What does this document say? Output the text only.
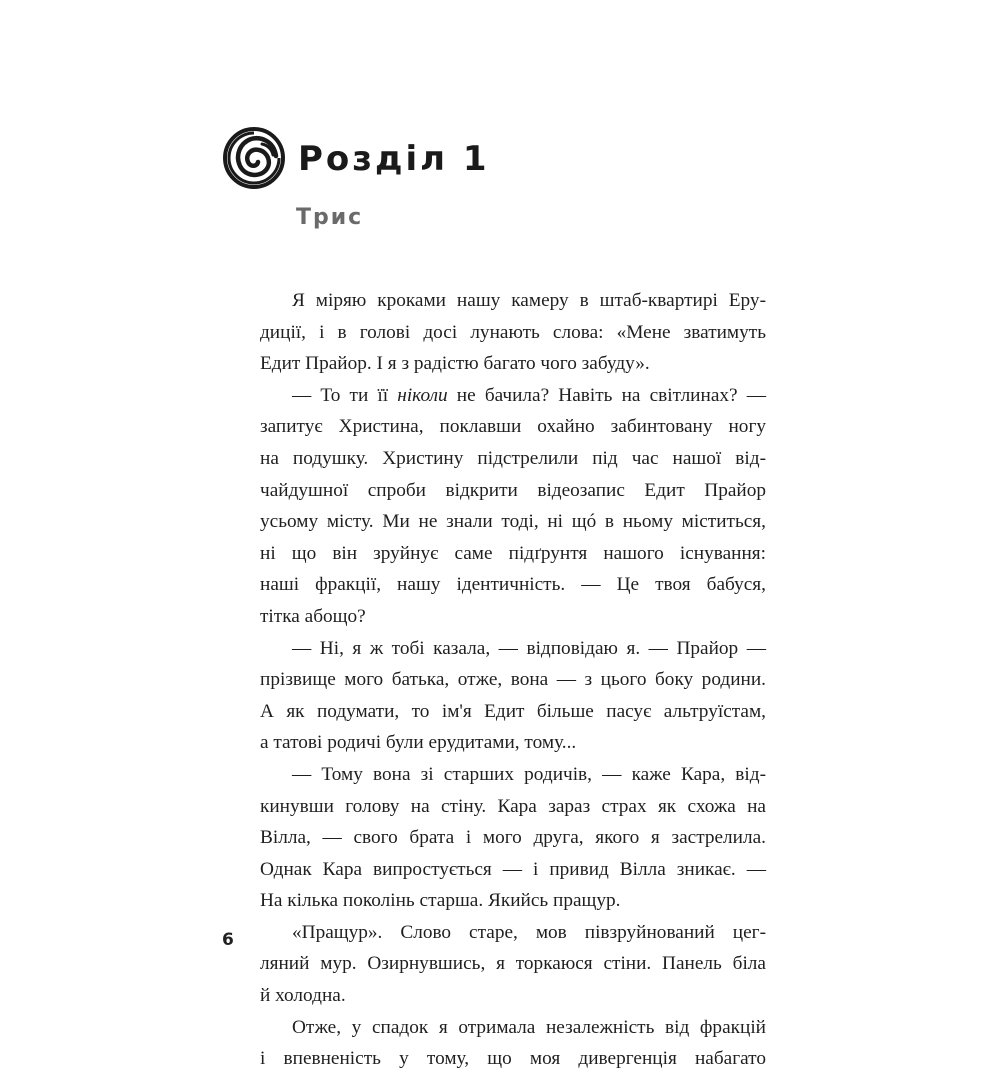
Розділ 1
Трис
Я міряю кроками нашу камеру в штаб-квартирі Еру-
диції, і в голові досі лунають слова: «Мене зватимуть
Едит Прайор. І я з радістю багато чого забуду».
— То ти її ніколи не бачила? Навіть на світлинах? —
запитує Христина, поклавши охайно забинтовану ногу
на подушку. Христину підстрелили під час нашої від-
чайдушної спроби відкрити відеозапис Едит Прайор
усьому місту. Ми не знали тоді, ні щó в ньому міститься,
ні що він зруйнує саме підґрунтя нашого існування:
наші фракції, нашу ідентичність. — Це твоя бабуся,
тітка абощо?
— Ні, я ж тобі казала, — відповідаю я. — Прайор —
прізвище мого батька, отже, вона — з цього боку родини.
А як подумати, то ім'я Едит більше пасує альтруїстам,
а татові родичі були ерудитами, тому...
— Тому вона зі старших родичів, — каже Кара, від-
кинувши голову на стіну. Кара зараз страх як схожа на
Вілла, — свого брата і мого друга, якого я застрелила.
Однак Кара випростується — і привид Вілла зникає. —
На кілька поколінь старша. Якийсь пращур.
«Пращур». Слово старе, мов півзруйнований цег-
ляний мур. Озирнувшись, я торкаюся стіни. Панель біла
й холодна.
Отже, у спадок я отримала незалежність від фракцій
і впевненість у тому, що моя дивергенція набагато
6
